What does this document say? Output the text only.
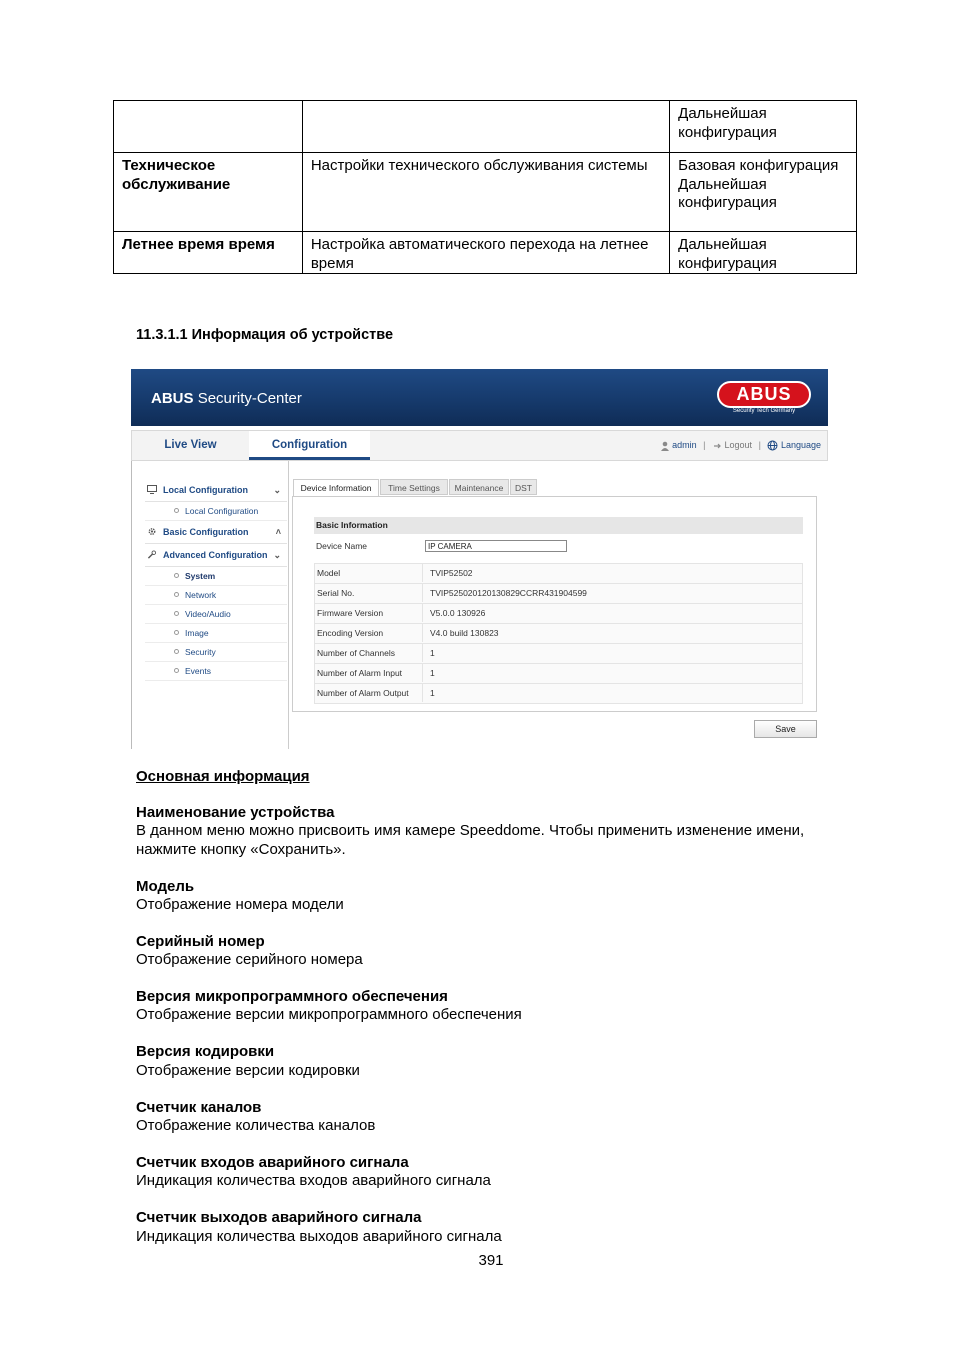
		Дальнейшая конфигурация
Техническое обслуживание	Настройки технического обслуживания системы	Базовая конфигурация Дальнейшая конфигурация
Летнее время время	Настройка автоматического перехода на летнее время	Дальнейшая конфигурация
11.3.1.1 Информация об устройстве
ABUS Security-Center	ABUS
Security Tech Germany
Live View	Configuration	admin | Logout | Language
Local Configuration	⌄
Local Configuration
Basic Configuration	˄
Advanced Configuration ⌄
System
Network
Video/Audio
Image
Security
Events
Device Information	Time Settings	Maintenance	DST
Basic Information
Device Name	IP CAMERA
Model	TVIP52502
Serial No.	TVIP525020120130829CCRR431904599
Firmware Version	V5.0.0 130926
Encoding Version	V4.0 build 130823
Number of Channels	1
Number of Alarm Input	1
Number of Alarm Output	1
Save
Основная информация
Наименование устройства
В данном меню можно присвоить имя камере Speeddome. Чтобы применить изменение имени, нажмите кнопку «Сохранить».
Модель
Отображение номера модели
Серийный номер
Отображение серийного номера
Версия микропрограммного обеспечения
Отображение версии микропрограммного обеспечения
Версия кодировки
Отображение версии кодировки
Счетчик каналов
Отображение количества каналов
Счетчик входов аварийного сигнала
Индикация количества входов аварийного сигнала
Счетчик выходов аварийного сигнала
Индикация количества выходов аварийного сигнала
391
